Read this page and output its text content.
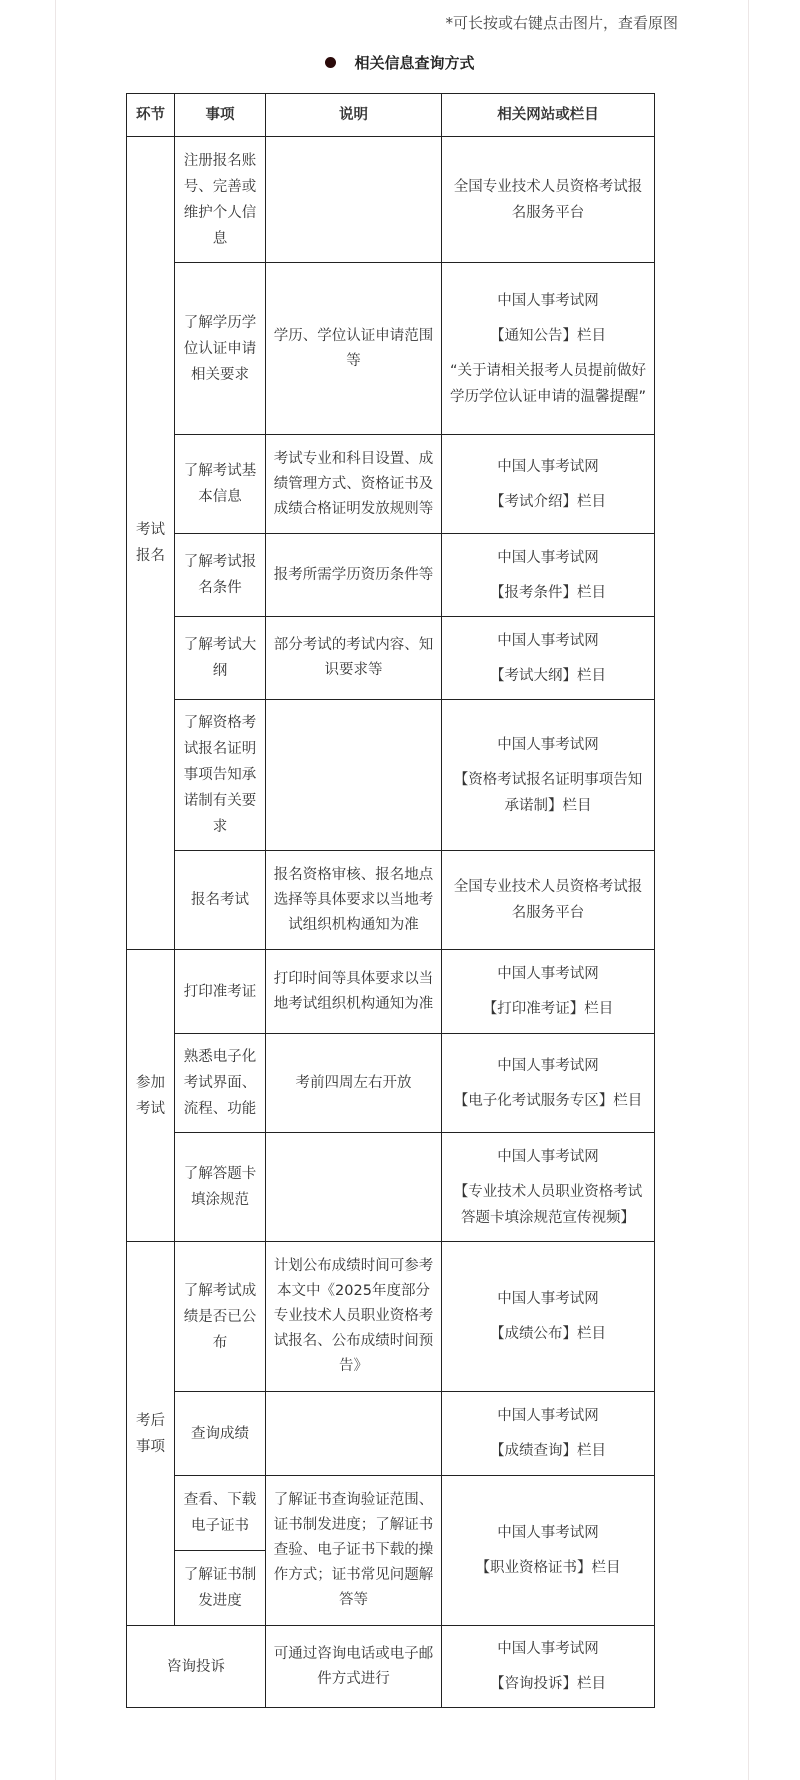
*可长按或右键点击图片，查看原图
相关信息查询方式
环节	事项	说明	相关网站或栏目

考试报名	注册报名账号、完善或维护个人信息		全国专业技术人员资格考试报名服务平台

	了解学历学位认证申请相关要求	学历、学位认证申请范围等	中国人事考试网

【通知公告】栏目

“关于请相关报考人员提前做好学历学位认证申请的温馨提醒”

	了解考试基本信息	考试专业和科目设置、成绩管理方式、资格证书及成绩合格证明发放规则等	中国人事考试网

【考试介绍】栏目

	了解考试报名条件	报考所需学历资历条件等	中国人事考试网

【报考条件】栏目

	了解考试大纲	部分考试的考试内容、知识要求等	中国人事考试网

【考试大纲】栏目

	了解资格考试报名证明事项告知承诺制有关要求		中国人事考试网

【资格考试报名证明事项告知承诺制】栏目

	报名考试	报名资格审核、报名地点选择等具体要求以当地考试组织机构通知为准	全国专业技术人员资格考试报名服务平台

参加考试	打印准考证	打印时间等具体要求以当地考试组织机构通知为准	中国人事考试网

【打印准考证】栏目

	熟悉电子化考试界面、流程、功能	考前四周左右开放	中国人事考试网

【电子化考试服务专区】栏目

	了解答题卡填涂规范		中国人事考试网

【专业技术人员职业资格考试答题卡填涂规范宣传视频】

考后事项	了解考试成绩是否已公布	计划公布成绩时间可参考本文中《2025年度部分专业技术人员职业资格考试报名、公布成绩时间预告》	中国人事考试网

【成绩公布】栏目

	查询成绩		中国人事考试网

【成绩查询】栏目

	查看、下载电子证书	了解证书查询验证范围、证书制发进度；了解证书查验、电子证书下载的操作方式；证书常见问题解答等	中国人事考试网

【职业资格证书】栏目

	了解证书制发进度		

咨询投诉		可通过咨询电话或电子邮件方式进行	中国人事考试网

【咨询投诉】栏目
